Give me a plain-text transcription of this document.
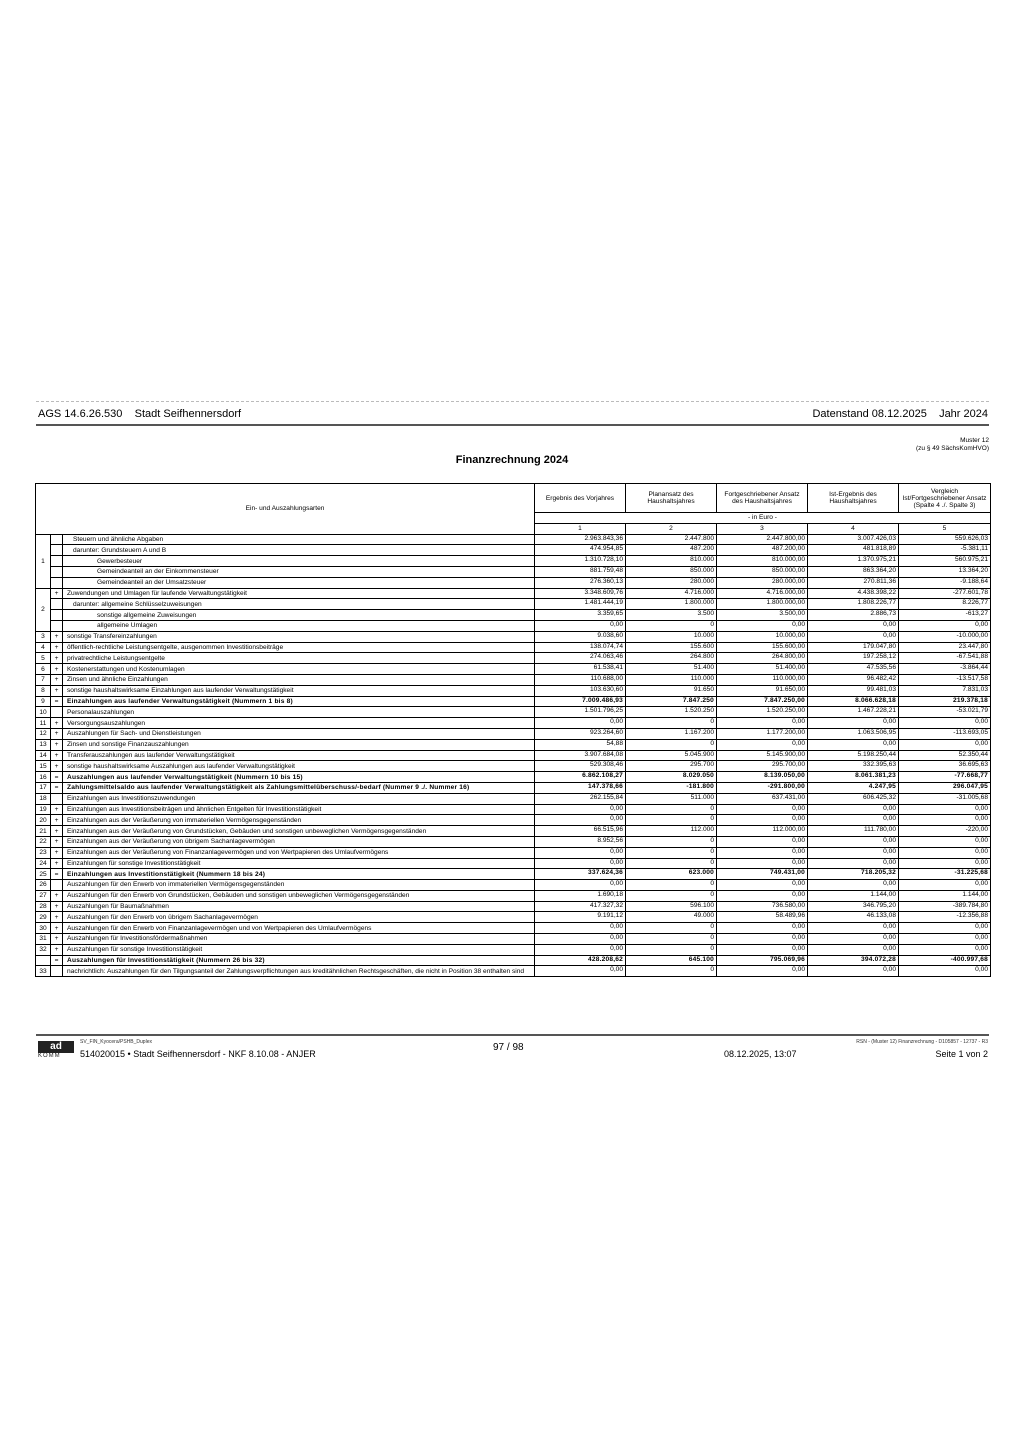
AGS 14.6.26.530 Stadt Seifhennersdorf	Datenstand 08.12.2025 Jahr 2024
Muster 12
(zu § 49 SächsKomHVO)
Finanzrechnung 2024
Ein- und Auszahlungsarten			Ergebnis des Vorjahres	Planansatz des Haushaltsjahres	Fortgeschriebener Ansatz des Haushaltsjahres	Ist-Ergebnis des Haushaltsjahres	Vergleich Ist/Fortgeschriebener Ansatz (Spalte 4 ./. Spalte 3)
			- in Euro -				
			1	2	3	4	5
1		Steuern und ähnliche Abgaben	2.963.843,36	2.447.800	2.447.800,00	3.007.426,03	559.626,03
		darunter: Grundsteuern A und B	474.954,85	487.200	487.200,00	481.818,89	-5.381,11
		Gewerbesteuer	1.310.728,10	810.000	810.000,00	1.370.975,21	560.975,21
		Gemeindeanteil an der Einkommensteuer	881.759,48	850.000	850.000,00	863.364,20	13.364,20
		Gemeindeanteil an der Umsatzsteuer	276.360,13	280.000	280.000,00	270.811,36	-9.188,64
2	+	Zuwendungen und Umlagen für laufende Verwaltungstätigkeit	3.348.609,76	4.716.000	4.716.000,00	4.438.398,22	-277.601,78
		darunter: allgemeine Schlüsselzuweisungen	1.481.444,19	1.800.000	1.800.000,00	1.808.226,77	8.226,77
		sonstige allgemeine Zuweisungen	3.359,65	3.500	3.500,00	2.886,73	-613,27
		allgemeine Umlagen	0,00	0	0,00	0,00	0,00
3	+	sonstige Transfereinzahlungen	9.038,60	10.000	10.000,00	0,00	-10.000,00
4	+	öffentlich-rechtliche Leistungsentgelte, ausgenommen Investitionsbeiträge	138.074,74	155.600	155.600,00	179.047,80	23.447,80
5	+	privatrechtliche Leistungsentgelte	274.063,46	264.800	264.800,00	197.258,12	-67.541,88
6	+	Kostenerstattungen und Kostenumlagen	61.538,41	51.400	51.400,00	47.535,56	-3.864,44
7	+	Zinsen und ähnliche Einzahlungen	110.688,00	110.000	110.000,00	96.482,42	-13.517,58
8	+	sonstige haushaltswirksame Einzahlungen aus laufender Verwaltungstätigkeit	103.630,60	91.650	91.650,00	99.481,03	7.831,03
9	=	Einzahlungen aus laufender Verwaltungstätigkeit (Nummern 1 bis 8)	7.009.486,93	7.847.250	7.847.250,00	8.066.628,18	219.378,18
10		Personalauszahlungen	1.501.796,25	1.520.250	1.520.250,00	1.467.228,21	-53.021,79
11	+	Versorgungsauszahlungen	0,00	0	0,00	0,00	0,00
12	+	Auszahlungen für Sach- und Dienstleistungen	923.264,60	1.167.200	1.177.200,00	1.063.506,95	-113.693,05
13	+	Zinsen und sonstige Finanzauszahlungen	54,88	0	0,00	0,00	0,00
14	+	Transferauszahlungen aus laufender Verwaltungstätigkeit	3.907.684,08	5.045.900	5.145.900,00	5.198.250,44	52.350,44
15	+	sonstige haushaltswirksame Auszahlungen aus laufender Verwaltungstätigkeit	529.308,46	295.700	295.700,00	332.395,63	36.695,63
16	=	Auszahlungen aus laufender Verwaltungstätigkeit (Nummern 10 bis 15)	6.862.108,27	8.029.050	8.139.050,00	8.061.381,23	-77.668,77
17	=	Zahlungsmittelsaldo aus laufender Verwaltungstätigkeit als Zahlungsmittelüberschuss/-bedarf (Nummer 9 ./. Nummer 16)	147.378,66	-181.800	-291.800,00	4.247,95	296.047,95
18		Einzahlungen aus Investitionszuwendungen	262.155,84	511.000	637.431,00	606.425,32	-31.005,68
19	+	Einzahlungen aus Investitionsbeiträgen und ähnlichen Entgelten für Investitionstätigkeit	0,00	0	0,00	0,00	0,00
20	+	Einzahlungen aus der Veräußerung von immateriellen Vermögensgegenständen	0,00	0	0,00	0,00	0,00
21	+	Einzahlungen aus der Veräußerung von Grundstücken, Gebäuden und sonstigen unbeweglichen Vermögensgegenständen	66.515,96	112.000	112.000,00	111.780,00	-220,00
22	+	Einzahlungen aus der Veräußerung von übrigem Sachanlagevermögen	8.952,56	0	0,00	0,00	0,00
23	+	Einzahlungen aus der Veräußerung von Finanzanlagevermögen und von Wertpapieren des Umlaufvermögens	0,00	0	0,00	0,00	0,00
24	+	Einzahlungen für sonstige Investitionstätigkeit	0,00	0	0,00	0,00	0,00
25	=	Einzahlungen aus Investitionstätigkeit (Nummern 18 bis 24)	337.624,36	623.000	749.431,00	718.205,32	-31.225,68
26		Auszahlungen für den Erwerb von immateriellen Vermögensgegenständen	0,00	0	0,00	0,00	0,00
27	+	Auszahlungen für den Erwerb von Grundstücken, Gebäuden und sonstigen unbeweglichen Vermögensgegenständen	1.690,18	0	0,00	1.144,00	1.144,00
28	+	Auszahlungen für Baumaßnahmen	417.327,32	596.100	736.580,00	346.795,20	-389.784,80
29	+	Auszahlungen für den Erwerb von übrigem Sachanlagevermögen	9.191,12	49.000	58.489,96	46.133,08	-12.356,88
30	+	Auszahlungen für den Erwerb von Finanzanlagevermögen und von Wertpapieren des Umlaufvermögens	0,00	0	0,00	0,00	0,00
31	+	Auszahlungen für Investitionsfördermaßnahmen	0,00	0	0,00	0,00	0,00
32	+	Auszahlungen für sonstige Investitionstätigkeit	0,00	0	0,00	0,00	0,00
	=	Auszahlungen für Investitionstätigkeit (Nummern 26 bis 32)	428.208,62	645.100	795.069,96	394.072,28	-400.997,68
33		nachrichtlich: Auszahlungen für den Tilgungsanteil der Zahlungsverpflichtungen aus kreditähnlichen Rechtsgeschäften, die nicht in Position 38 enthalten sind	0,00	0	0,00	0,00	0,00
ad
KOMM
SV_FIN_Kyocera/PSHB_Duplex
514020015 • Stadt Seifhennersdorf - NKF 8.10.08 - ANJER
97 / 98
08.12.2025, 13:07
RSN - (Muster 12) Finanzrechnung - D105857 - 12737 - R3
Seite 1 von 2
